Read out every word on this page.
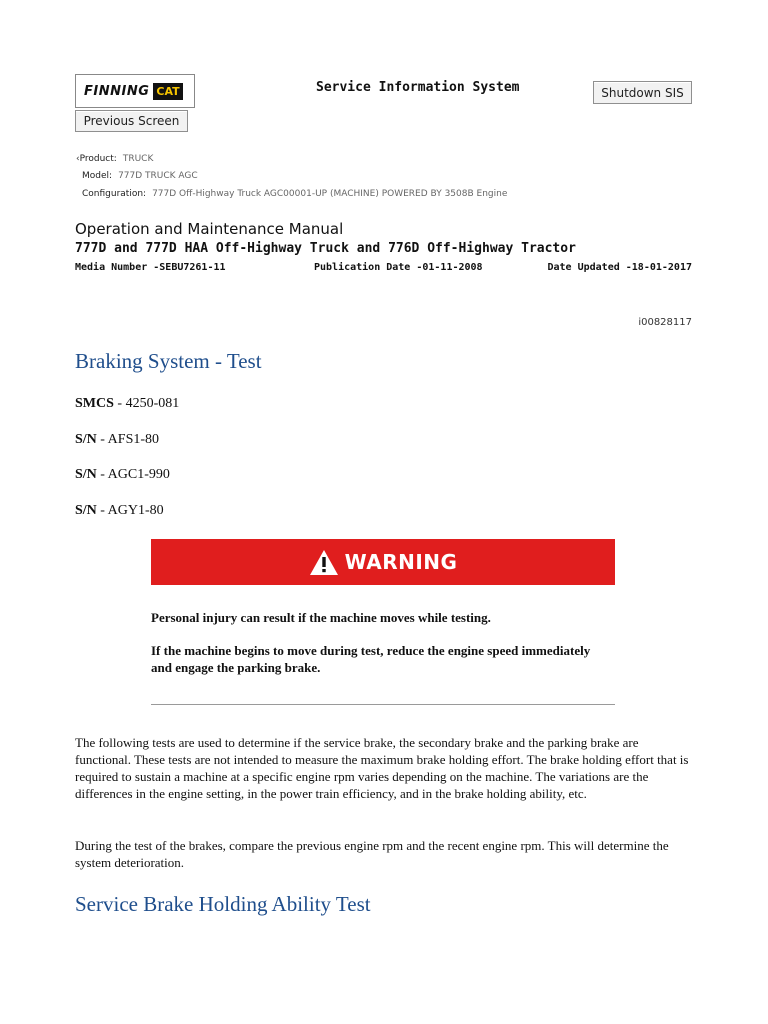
FINNING CAT	Service Information System	Shutdown SIS
Previous Screen
‹Product: TRUCK
Model: 777D TRUCK AGC
Configuration: 777D Off-Highway Truck AGC00001-UP (MACHINE) POWERED BY 3508B Engine
Operation and Maintenance Manual
777D and 777D HAA Off-Highway Truck and 776D Off-Highway Tractor
Media Number -SEBU7261-11	Publication Date -01-11-2008	Date Updated -18-01-2017
i00828117
Braking System - Test
SMCS - 4250-081
S/N - AFS1-80
S/N - AGC1-990
S/N - AGY1-80
WARNING
Personal injury can result if the machine moves while testing.
If the machine begins to move during test, reduce the engine speed immediately and engage the parking brake.

The following tests are used to determine if the service brake, the secondary brake and the parking brake are functional. These tests are not intended to measure the maximum brake holding effort. The brake holding effort that is required to sustain a machine at a specific engine rpm varies depending on the machine. The variations are the differences in the engine setting, in the power train efficiency, and in the brake holding ability, etc.

During the test of the brakes, compare the previous engine rpm and the recent engine rpm. This will determine the system deterioration.

Service Brake Holding Ability Test
